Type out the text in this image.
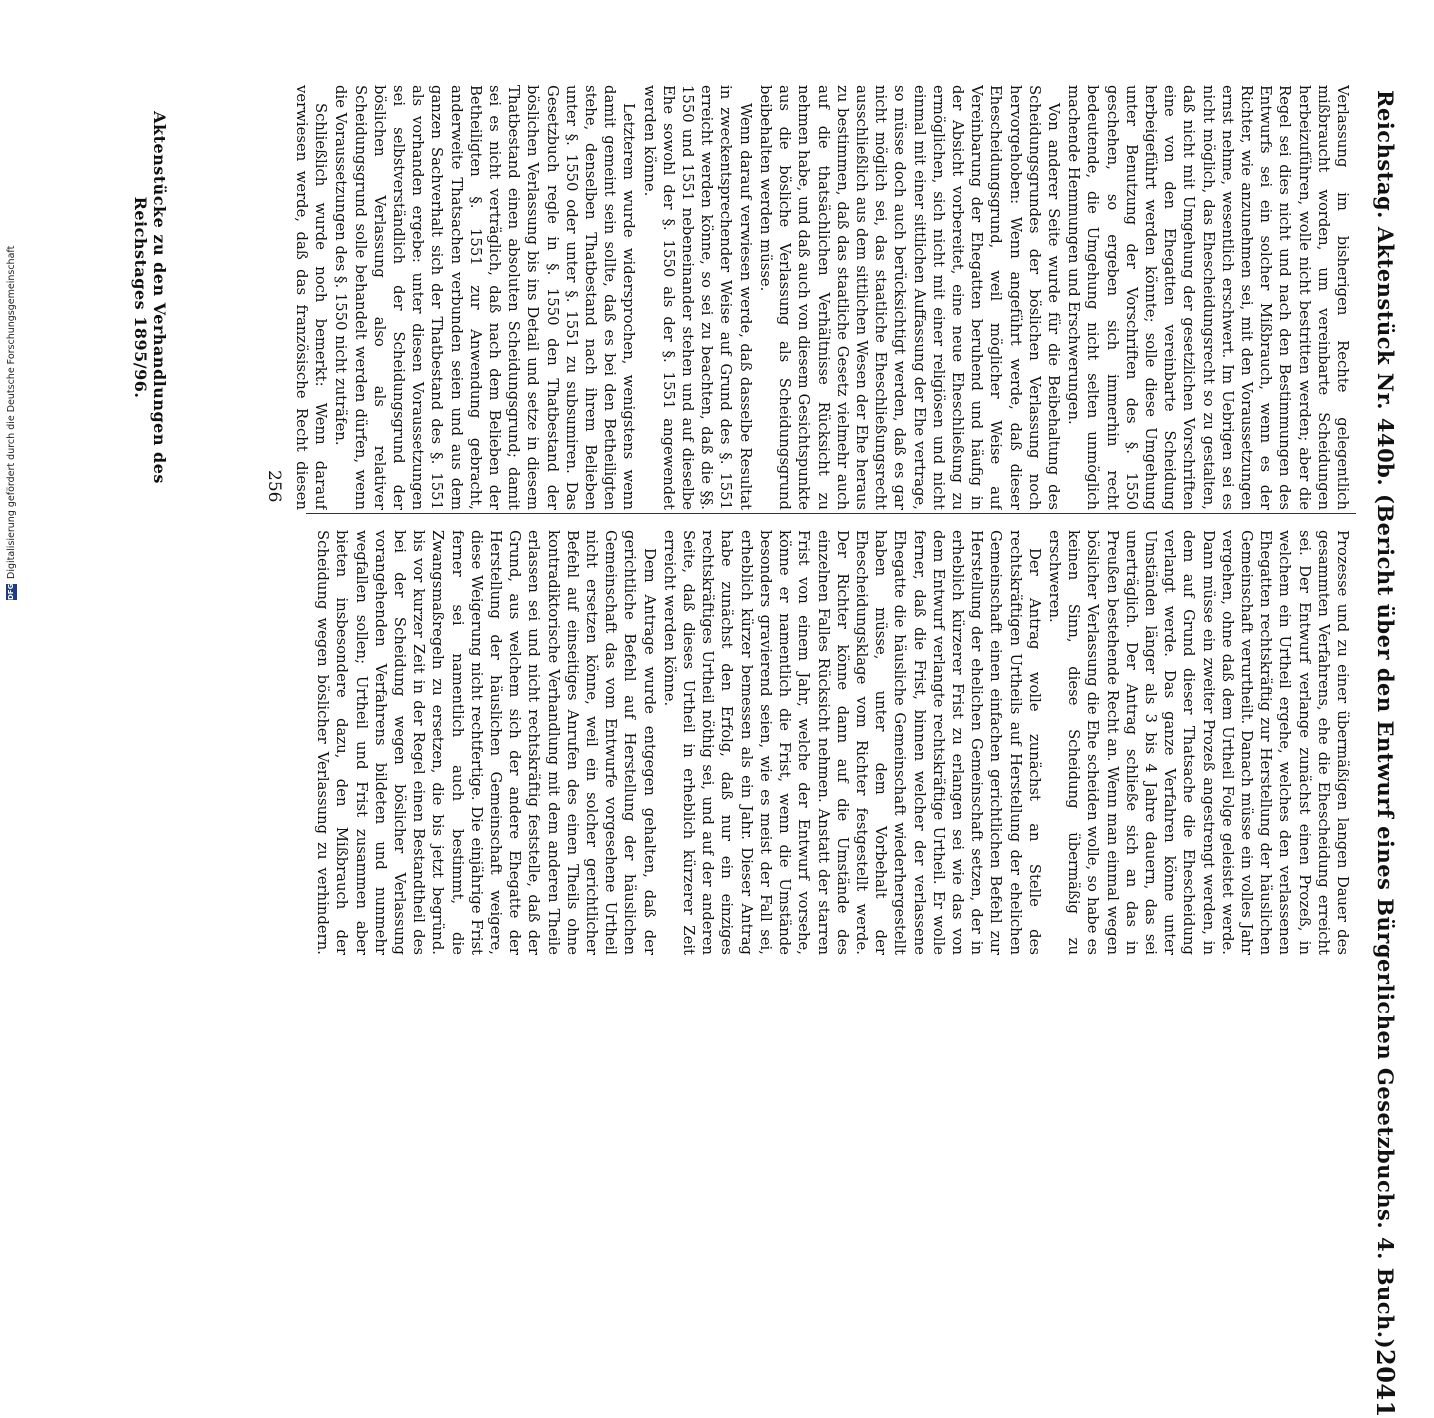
Reichstag. Aktenstück Nr. 440b. (Bericht über den Entwurf eines Bürgerlichen Gesetzbuchs. 4. Buch.)
2041

Verlassung im bisherigen Rechte gelegentlich mißbraucht worden, um vereinbarte Scheidungen herbeizuführen, wolle nicht bestritten werden; aber die Regel sei dies nicht und nach den Bestimmungen des Entwurfs sei ein solcher Mißbrauch, wenn es der Richter, wie anzunehmen sei, mit den Voraussetzungen ernst nehme, wesentlich erschwert. Im Uebrigen sei es nicht möglich, das Ehescheidungsrecht so zu gestalten, daß nicht mit Umgehung der gesetzlichen Vorschriften eine von den Ehegatten vereinbarte Scheidung herbeigeführt werden könnte; solle diese Umgehung unter Benutzung der Vorschriften des §. 1550 geschehen, so ergeben sich immerhin recht bedeutende, die Umgehung nicht selten unmöglich machende Hemmungen und Erschwerungen.

Von anderer Seite wurde für die Beibehaltung des Scheidungsgrundes der böslichen Verlassung noch hervorgehoben: Wenn angeführt werde, daß dieser Ehescheidungsgrund, weil möglicher Weise auf Vereinbarung der Ehegatten beruhend und häufig in der Absicht vorbereitet, eine neue Eheschließung zu ermöglichen, sich nicht mit einer religiösen und nicht einmal mit einer sittlichen Auffassung der Ehe vertrage, so müsse doch auch berücksichtigt werden, daß es gar nicht möglich sei, das staatliche Eheschließungsrecht ausschließlich aus dem sittlichen Wesen der Ehe heraus zu bestimmen, daß das staatliche Gesetz vielmehr auch auf die thatsächlichen Verhältnisse Rücksicht zu nehmen habe, und daß auch von diesem Gesichtspunkte aus die bösliche Verlassung als Scheidungsgrund beibehalten werden müsse.

Wenn darauf verwiesen werde, daß dasselbe Resultat in zweckentsprechender Weise auf Grund des §. 1551 erreicht werden könne, so sei zu beachten, daß die §§. 1550 und 1551 nebeneinander stehen und auf dieselbe Ehe sowohl der §. 1550 als der §. 1551 angewendet werden könne.

Letzterem wurde widersprochen, wenigstens wenn damit gemeint sein sollte, daß es bei den Betheiligten stehe, denselben Thatbestand nach ihrem Belieben unter §. 1550 oder unter §. 1551 zu subsumiren. Das Gesetzbuch regle in §. 1550 den Thatbestand der böslichen Verlassung bis ins Detail und setze in diesem Thatbestand einen absoluten Scheidungsgrund; damit sei es nicht verträglich, daß nach dem Belieben der Betheiligten §. 1551 zur Anwendung gebracht, anderweite Thatsachen verbunden seien und aus dem ganzen Sachverhalt sich der Thatbestand des §. 1551 als vorhanden ergebe: unter diesen Voraussetzungen sei selbstverständlich der Scheidungsgrund der böslichen Verlassung also als relativer Scheidungsgrund solle behandelt werden dürfen, wenn die Voraussetzungen des §. 1550 nicht zuträfen.

Schließlich wurde noch bemerkt: Wenn darauf verwiesen werde, daß das französische Recht diesen

Prozesse und zu einer übermäßigen langen Dauer des gesammten Verfahrens, ehe die Ehescheidung erreicht sei. Der Entwurf verlange zunächst einen Prozeß, in welchem ein Urtheil ergehe, welches den verlassenen Ehegatten rechtskräftig zur Herstellung der häuslichen Gemeinschaft verurtheilt. Danach müsse ein volles Jahr vergehen, ohne daß dem Urtheil Folge geleistet werde. Dann müsse ein zweiter Prozeß angestrengt werden, in dem auf Grund dieser Thatsache die Ehescheidung verlangt werde. Das ganze Verfahren könne unter Umständen länger als 3 bis 4 Jahre dauern, das sei unerträglich. Der Antrag schließe sich an das in Preußen bestehende Recht an. Wenn man einmal wegen böslicher Verlassung die Ehe scheiden wolle, so habe es keinen Sinn, diese Scheidung übermäßig zu erschweren.

Der Antrag wolle zunächst an Stelle des rechtskräftigen Urtheils auf Herstellung der ehelichen Gemeinschaft einen einfachen gerichtlichen Befehl zur Herstellung der ehelichen Gemeinschaft setzen, der in erheblich kürzerer Frist zu erlangen sei wie das von dem Entwurf verlangte rechtskräftige Urtheil. Er wolle ferner, daß die Frist, binnen welcher der verlassene Ehegatte die häusliche Gemeinschaft wiederhergestellt haben müsse, unter dem Vorbehalt der Ehescheidungsklage vom Richter festgestellt werde. Der Richter könne dann auf die Umstände des einzelnen Falles Rücksicht nehmen. Anstatt der starren Frist von einem Jahr, welche der Entwurf vorsehe, könne er namentlich die Frist, wenn die Umstände besonders gravierend seien, wie es meist der Fall sei, erheblich kürzer bemessen als ein Jahr. Dieser Antrag habe zunächst den Erfolg, daß nur ein einziges rechtskräftiges Urtheil nöthig sei, und auf der anderen Seite, daß dieses Urtheil in erheblich kürzerer Zeit erreicht werden könne.

Dem Antrage wurde entgegen gehalten, daß der gerichtliche Befehl auf Herstellung der häuslichen Gemeinschaft das vom Entwurfe vorgesehene Urtheil nicht ersetzen könne, weil ein solcher gerichtlicher Befehl auf einseitiges Anrufen des einen Theils ohne kontradiktorische Verhandlung mit dem anderen Theile erlassen sei und nicht rechtskräftig feststelle, daß der Grund, aus welchem sich der andere Ehegatte der Herstellung der häuslichen Gemeinschaft weigere, diese Weigerung nicht rechtfertige. Die einjährige Frist ferner sei namentlich auch bestimmt, die Zwangsmaßregeln zu ersetzen, die bis jetzt begründ. bis vor kurzer Zeit in der Regel einen Bestandtheil des bei der Scheidung wegen böslicher Verlassung vorangehenden Verfahrens bildeten und nunmehr wegfallen sollen; Urtheil und Frist zusammen aber bieten insbesondere dazu, den Mißbrauch der Scheidung wegen böslicher Verlassung zu verhindern.

256
Aktenstücke zu den Verhandlungen des Reichstages 1895/96.
DFG
Digitalisierung gefördert durch die Deutsche Forschungsgemeinschaft
